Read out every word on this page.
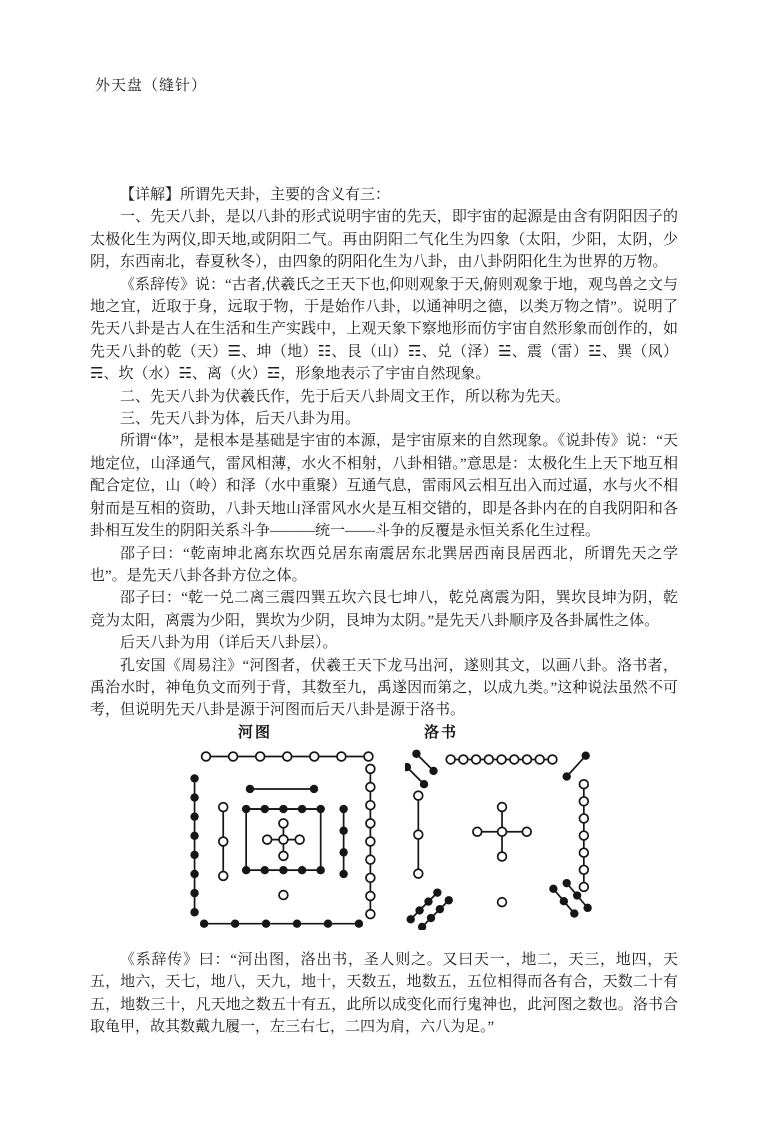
外天盘（缝针）

【详解】所谓先天卦，主要的含义有三：

一、先天八卦，是以八卦的形式说明宇宙的先天，即宇宙的起源是由含有阴阳因子的太极化生为两仪,即天地,或阴阳二气。再由阴阳二气化生为四象（太阳，少阳，太阴，少阴，东西南北，春夏秋冬），由四象的阴阳化生为八卦，由八卦阴阳化生为世界的万物。

《系辞传》说：“古者,伏羲氏之王天下也,仰则观象于天,俯则观象于地，观鸟兽之文与地之宜，近取于身，远取于物，于是始作八卦，以通神明之德，以类万物之情”。说明了先天八卦是古人在生活和生产实践中，上观天象下察地形而仿宇宙自然形象而创作的，如先天八卦的乾（天）☰、坤（地）☷、艮（山）☶、兑（泽）☱、震（雷）☳、巽（风）☴、坎（水）☵、离（火）☲，形象地表示了宇宙自然现象。

二、先天八卦为伏羲氏作，先于后天八卦周文王作，所以称为先天。

三、先天八卦为体，后天八卦为用。

所谓“体”，是根本是基础是宇宙的本源，是宇宙原来的自然现象。《说卦传》说：“天地定位，山泽通气，雷风相薄，水火不相射，八卦相错。”意思是：太极化生上天下地互相配合定位，山（岭）和泽（水中重聚）互通气息，雷雨风云相互出入而过逼，水与火不相射而是互相的资助，八卦天地山泽雷风水火是互相交错的，即是各卦内在的自我阴阳和各卦相互发生的阴阳关系斗争———统一——斗争的反覆是永恒关系化生过程。

邵子曰：“乾南坤北离东坎西兑居东南震居东北巽居西南艮居西北，所谓先天之学也”。是先天八卦各卦方位之体。

邵子曰：“乾一兑二离三震四巽五坎六艮七坤八，乾兑离震为阳，巽坎艮坤为阴，乾竞为太阳，离震为少阳，巽坎为少阴，艮坤为太阴。”是先天八卦顺序及各卦属性之体。

后天八卦为用（详后天八卦层）。

孔安国《周易注》“河图者，伏羲王天下龙马出河，遂则其文，以画八卦。洛书者，禹治水时，神龟负文而列于背，其数至九，禹遂因而第之，以成九类。”这种说法虽然不可考，但说明先天八卦是源于河图而后天八卦是源于洛书。

河图	洛书

《系辞传》曰：“河出图，洛出书，圣人则之。又曰天一，地二，天三，地四，天五，地六，天七，地八，天九，地十，天数五，地数五，五位相得而各有合，天数二十有五，地数三十，凡天地之数五十有五，此所以成变化而行鬼神也，此河图之数也。洛书合取龟甲，故其数戴九履一，左三右七，二四为肩，六八为足。”
